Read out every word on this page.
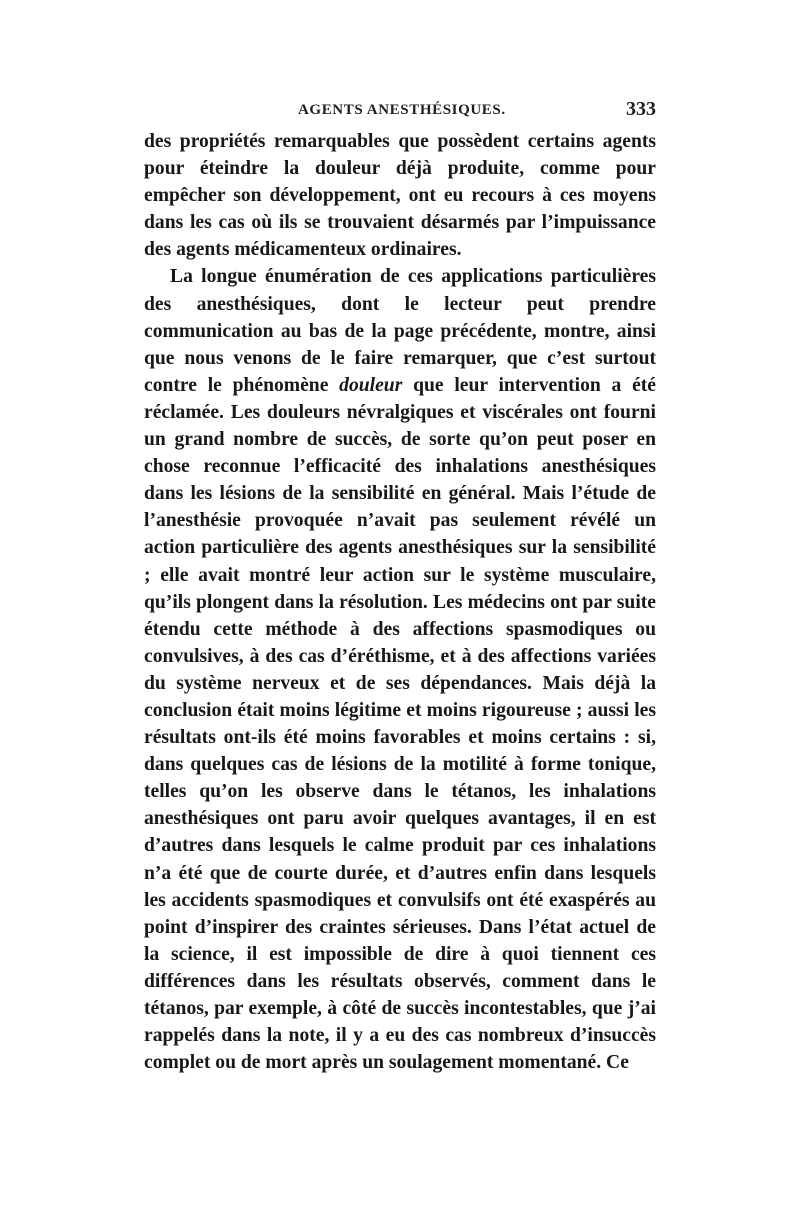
AGENTS ANESTHÉSIQUES.	333

des propriétés remarquables que possèdent certains agents pour éteindre la douleur déjà produite, comme pour empêcher son développement, ont eu recours à ces moyens dans les cas où ils se trouvaient désarmés par l’impuissance des agents médicamenteux ordinaires.

La longue énumération de ces applications particulières des anesthésiques, dont le lecteur peut prendre communication au bas de la page précédente, montre, ainsi que nous venons de le faire remarquer, que c’est surtout contre le phénomène douleur que leur intervention a été réclamée. Les douleurs névralgiques et viscérales ont fourni un grand nombre de succès, de sorte qu’on peut poser en chose reconnue l’efficacité des inhalations anesthésiques dans les lésions de la sensibilité en général. Mais l’étude de l’anesthésie provoquée n’avait pas seulement révélé un action particulière des agents anesthésiques sur la sensibilité ; elle avait montré leur action sur le système musculaire, qu’ils plongent dans la résolution. Les médecins ont par suite étendu cette méthode à des affections spasmodiques ou convulsives, à des cas d’éréthisme, et à des affections variées du système nerveux et de ses dépendances. Mais déjà la conclusion était moins légitime et moins rigoureuse ; aussi les résultats ont-ils été moins favorables et moins certains : si, dans quelques cas de lésions de la motilité à forme tonique, telles qu’on les observe dans le tétanos, les inhalations anesthésiques ont paru avoir quelques avantages, il en est d’autres dans lesquels le calme produit par ces inhalations n’a été que de courte durée, et d’autres enfin dans lesquels les accidents spasmodiques et convulsifs ont été exaspérés au point d’inspirer des craintes sérieuses. Dans l’état actuel de la science, il est impossible de dire à quoi tiennent ces différences dans les résultats observés, comment dans le tétanos, par exemple, à côté de succès incontestables, que j’ai rappelés dans la note, il y a eu des cas nombreux d’insuccès complet ou de mort après un soulagement momentané. Ce
